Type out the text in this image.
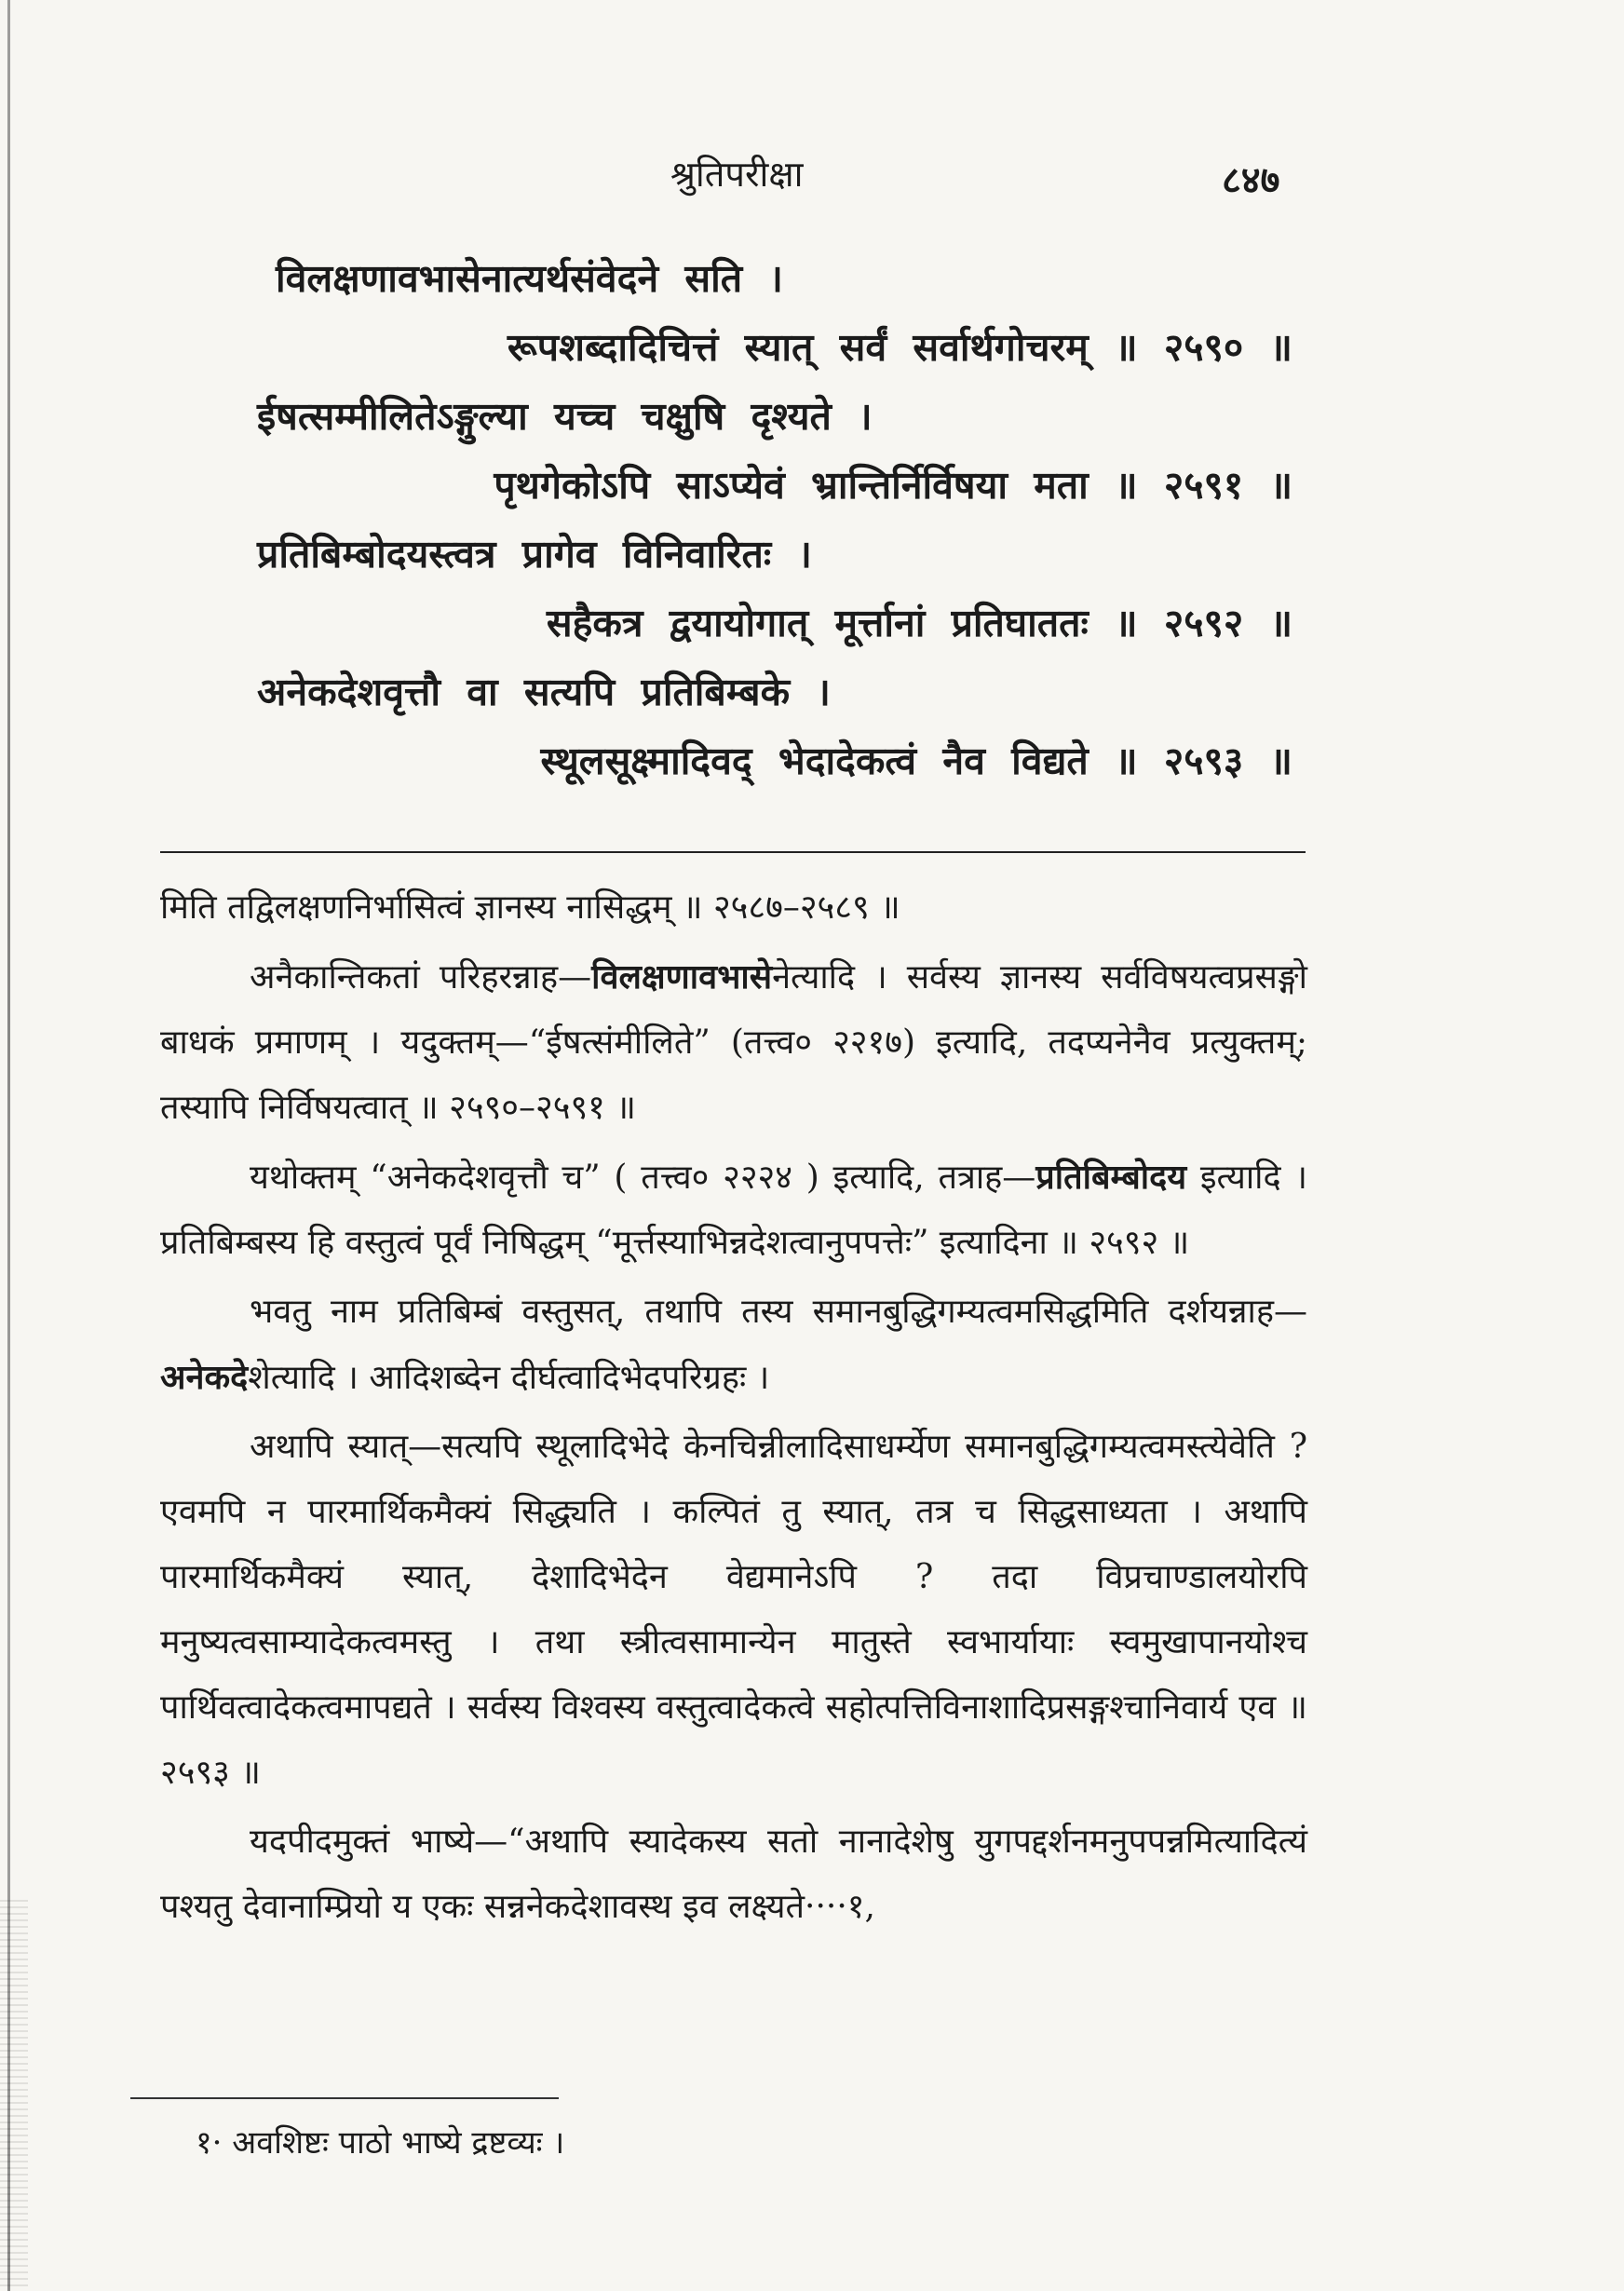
श्रुतिपरीक्षा	८४७
विलक्षणावभासेनात्यर्थसंवेदने सति ।
रूपशब्दादिचित्तं स्यात् सर्वं सर्वार्थगोचरम् ॥ २५९० ॥
ईषत्सम्मीलितेऽङ्गुल्या यच्च चक्षुषि दृश्यते ।
पृथगेकोऽपि साऽप्येवं भ्रान्तिर्निर्विषया मता ॥ २५९१ ॥
प्रतिबिम्बोदयस्त्वत्र प्रागेव विनिवारितः ।
सहैकत्र द्वयायोगात् मूर्त्तानां प्रतिघाततः ॥ २५९२ ॥
अनेकदेशवृत्तौ वा सत्यपि प्रतिबिम्बके ।
स्थूलसूक्ष्मादिवद् भेदादेकत्वं नैव विद्यते ॥ २५९३ ॥

मिति तद्विलक्षणनिर्भासित्वं ज्ञानस्य नासिद्धम् ॥ २५८७–२५८९ ॥

अनैकान्तिकतां परिहरन्नाह—विलक्षणावभासेनेत्यादि । सर्वस्य ज्ञानस्य सर्वविषयत्वप्रसङ्गो बाधकं प्रमाणम् । यदुक्तम्—“ईषत्संमीलिते” (तत्त्व० २२१७) इत्यादि, तदप्यनेनैव प्रत्युक्तम्; तस्यापि निर्विषयत्वात् ॥ २५९०–२५९१ ॥

यथोक्तम् “अनेकदेशवृत्तौ च” ( तत्त्व० २२२४ ) इत्यादि, तत्राह—प्रतिबिम्बोदय इत्यादि । प्रतिबिम्बस्य हि वस्तुत्वं पूर्वं निषिद्धम् “मूर्त्तस्याभिन्नदेशत्वानुपपत्तेः” इत्यादिना ॥ २५९२ ॥

भवतु नाम प्रतिबिम्बं वस्तुसत्, तथापि तस्य समानबुद्धिगम्यत्वमसिद्धमिति दर्शयन्नाह—अनेकदेशेत्यादि । आदिशब्देन दीर्घत्वादिभेदपरिग्रहः ।

अथापि स्यात्—सत्यपि स्थूलादिभेदे केनचिन्नीलादिसाधर्म्येण समानबुद्धिगम्यत्वमस्त्येवेति ? एवमपि न पारमार्थिकमैक्यं सिद्ध्यति । कल्पितं तु स्यात्, तत्र च सिद्धसाध्यता । अथापि पारमार्थिकमैक्यं स्यात्, देशादिभेदेन वेद्यमानेऽपि ? तदा विप्रचाण्डालयोरपि मनुष्यत्वसाम्यादेकत्वमस्तु । तथा स्त्रीत्वसामान्येन मातुस्ते स्वभार्यायाः स्वमुखापानयोश्च पार्थिवत्वादेकत्वमापद्यते । सर्वस्य विश्वस्य वस्तुत्वादेकत्वे सहोत्पत्तिविनाशादिप्रसङ्गश्चानिवार्य एव ॥ २५९३ ॥

यदपीदमुक्तं भाष्ये—“अथापि स्यादेकस्य सतो नानादेशेषु युगपद्दर्शनमनुपपन्नमित्यादित्यं पश्यतु देवानाम्प्रियो य एकः सन्ननेकदेशावस्थ इव लक्ष्यते····१,

१· अवशिष्टः पाठो भाष्ये द्रष्टव्यः ।
